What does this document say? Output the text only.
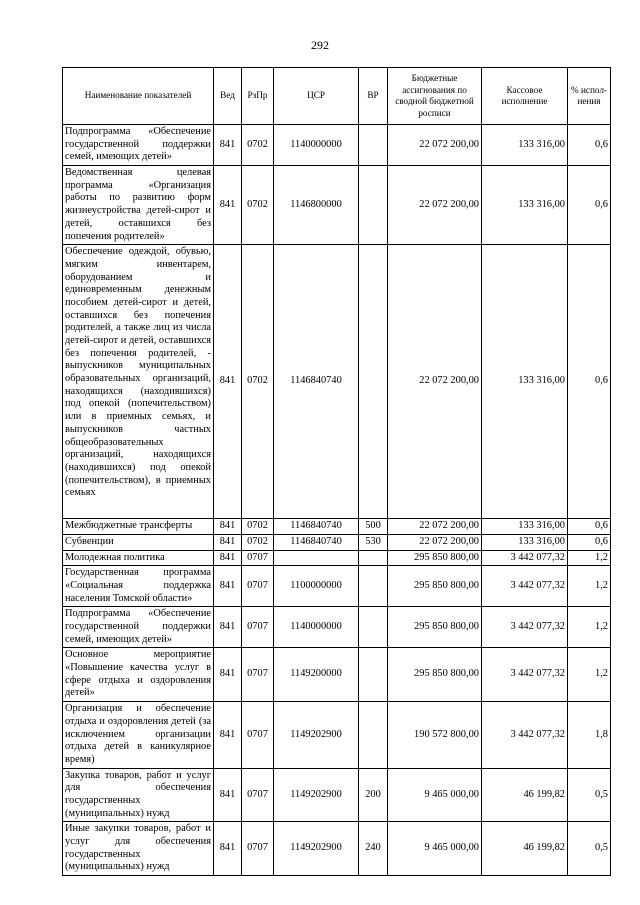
292
Наименование показателей	Вед	РзПр	ЦСР	ВР	Бюджетные ассигнования по сводной бюджетной росписи	Кассовое исполнение	% испол-нения
Подпрограмма «Обеспечение государственной поддержки семей, имеющих детей»	841	0702	1140000000		22 072 200,00	133 316,00	0,6
Ведомственная целевая программа «Организация работы по развитию форм жизнеустройства детей-сирот и детей, оставшихся без попечения родителей»	841	0702	1146800000		22 072 200,00	133 316,00	0,6
Обеспечение одеждой, обувью, мягким инвентарем, оборудованием и единовременным денежным пособием детей-сирот и детей, оставшихся без попечения родителей, а также лиц из числа детей-сирот и детей, оставшихся без попечения родителей, - выпускников муниципальных образовательных организаций, находящихся (находившихся) под опекой (попечительством) или в приемных семьях, и выпускников частных общеобразовательных организаций, находящихся (находившихся) под опекой (попечительством), в приемных семьях	841	0702	1146840740		22 072 200,00	133 316,00	0,6
Межбюджетные трансферты	841	0702	1146840740	500	22 072 200,00	133 316,00	0,6
Субвенции	841	0702	1146840740	530	22 072 200,00	133 316,00	0,6
Молодежная политика	841	0707			295 850 800,00	3 442 077,32	1,2
Государственная программа «Социальная поддержка населения Томской области»	841	0707	1100000000		295 850 800,00	3 442 077,32	1,2
Подпрограмма «Обеспечение государственной поддержки семей, имеющих детей»	841	0707	1140000000		295 850 800,00	3 442 077,32	1,2
Основное мероприятие «Повышение качества услуг в сфере отдыха и оздоровления детей»	841	0707	1149200000		295 850 800,00	3 442 077,32	1,2
Организация и обеспечение отдыха и оздоровления детей (за исключением организации отдыха детей в каникулярное время)	841	0707	1149202900		190 572 800,00	3 442 077,32	1,8
Закупка товаров, работ и услуг для обеспечения государственных (муниципальных) нужд	841	0707	1149202900	200	9 465 000,00	46 199,82	0,5
Иные закупки товаров, работ и услуг для обеспечения государственных (муниципальных) нужд	841	0707	1149202900	240	9 465 000,00	46 199,82	0,5
